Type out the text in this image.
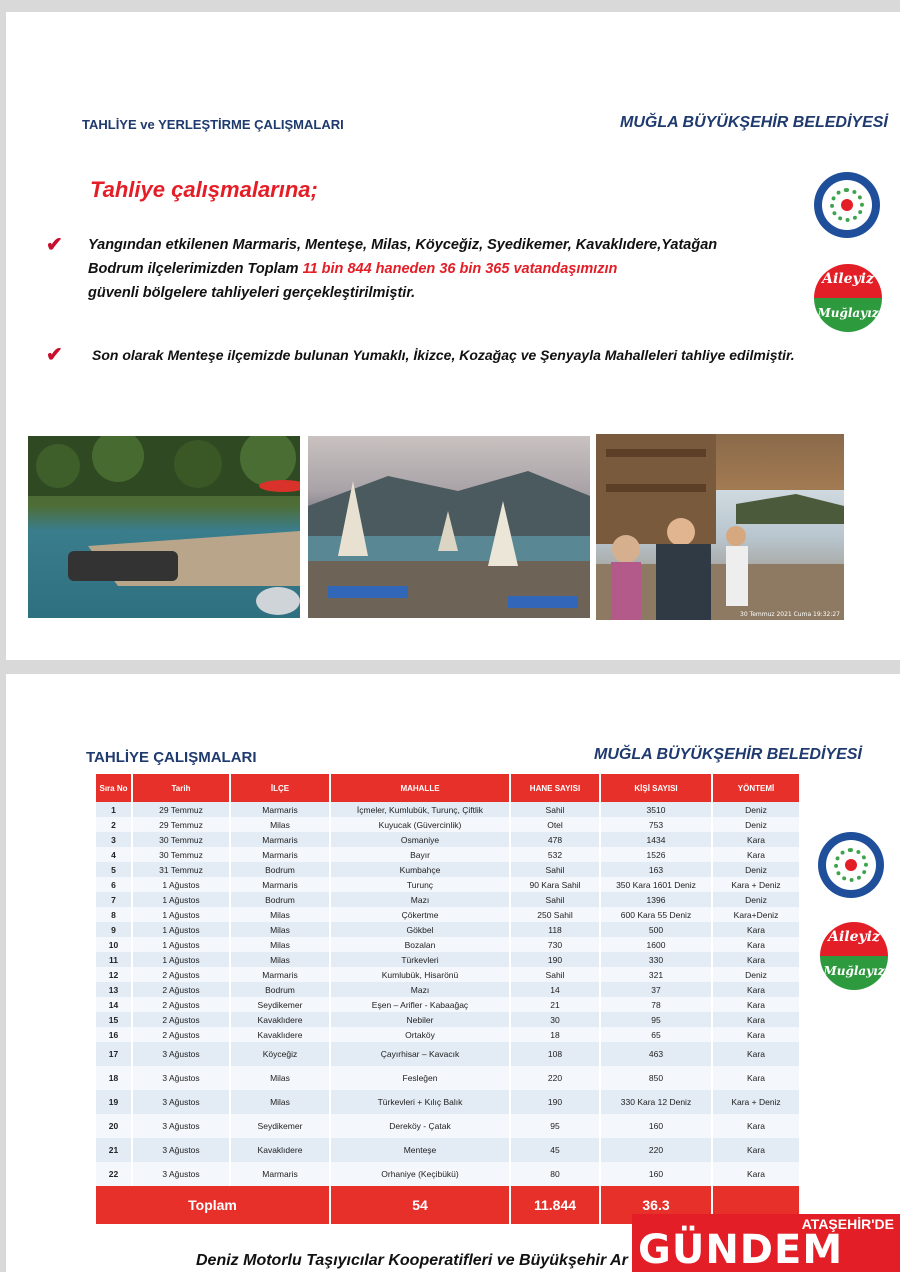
TAHLİYE ve YERLEŞTİRME ÇALIŞMALARI	MUĞLA BÜYÜKŞEHİR BELEDİYESİ
Tahliye çalışmalarına;
✔ Yangından etkilenen Marmaris, Menteşe, Milas, Köyceğiz, Syedikemer, Kavaklıdere,Yatağan
Bodrum ilçelerimizden Toplam 11 bin 844 haneden 36 bin 365 vatandaşımızın
güvenli bölgelere tahliyeleri gerçekleştirilmiştir.
✔ Son olarak Menteşe ilçemizde bulunan Yumaklı, İkizce, Kozağaç ve Şenyayla Mahalleleri tahliye edilmiştir.
Aileyiz
Muğlayız
30 Temmuz 2021 Cuma 19:32:27
TAHLİYE ÇALIŞMALARI	MUĞLA BÜYÜKŞEHİR BELEDİYESİ
Sıra No	Tarih	İLÇE	MAHALLE	HANE SAYISI	KİŞİ SAYISI	YÖNTEMİ
1	29 Temmuz	Marmaris	İçmeler, Kumlubük, Turunç, Çiftlik	Sahil	3510	Deniz
2	29 Temmuz	Milas	Kuyucak (Güvercinlik)	Otel	753	Deniz
3	30 Temmuz	Marmaris	Osmaniye	478	1434	Kara
4	30 Temmuz	Marmaris	Bayır	532	1526	Kara
5	31 Temmuz	Bodrum	Kumbahçe	Sahil	163	Deniz
6	1 Ağustos	Marmaris	Turunç	90 Kara Sahil	350 Kara 1601 Deniz	Kara + Deniz
7	1 Ağustos	Bodrum	Mazı	Sahil	1396	Deniz
8	1 Ağustos	Milas	Çökertme	250 Sahil	600 Kara 55 Deniz	Kara+Deniz
9	1 Ağustos	Milas	Gökbel	118	500	Kara
10	1 Ağustos	Milas	Bozalan	730	1600	Kara
11	1 Ağustos	Milas	Türkevleri	190	330	Kara
12	2 Ağustos	Marmaris	Kumlubük, Hisarönü	Sahil	321	Deniz
13	2 Ağustos	Bodrum	Mazı	14	37	Kara
14	2 Ağustos	Seydikemer	Eşen – Arifler - Kabaağaç	21	78	Kara
15	2 Ağustos	Kavaklıdere	Nebiler	30	95	Kara
16	2 Ağustos	Kavaklıdere	Ortaköy	18	65	Kara
17	3 Ağustos	Köyceğiz	Çayırhisar – Kavacık	108	463	Kara
18	3 Ağustos	Milas	Fesleğen	220	850	Kara
19	3 Ağustos	Milas	Türkevleri + Kılıç Balık	190	330 Kara 12 Deniz	Kara + Deniz
20	3 Ağustos	Seydikemer	Dereköy - Çatak	95	160	Kara
21	3 Ağustos	Kavaklıdere	Menteşe	45	220	Kara
22	3 Ağustos	Marmaris	Orhaniye (Keçibükü)	80	160	Kara
Toplam			54	11.844	36.3	
Aileyiz
Muğlayız
Deniz Motorlu Taşıyıcılar Kooperatifleri ve Büyükşehir Ar
ATAŞEHİR'DE
GÜNDEM
